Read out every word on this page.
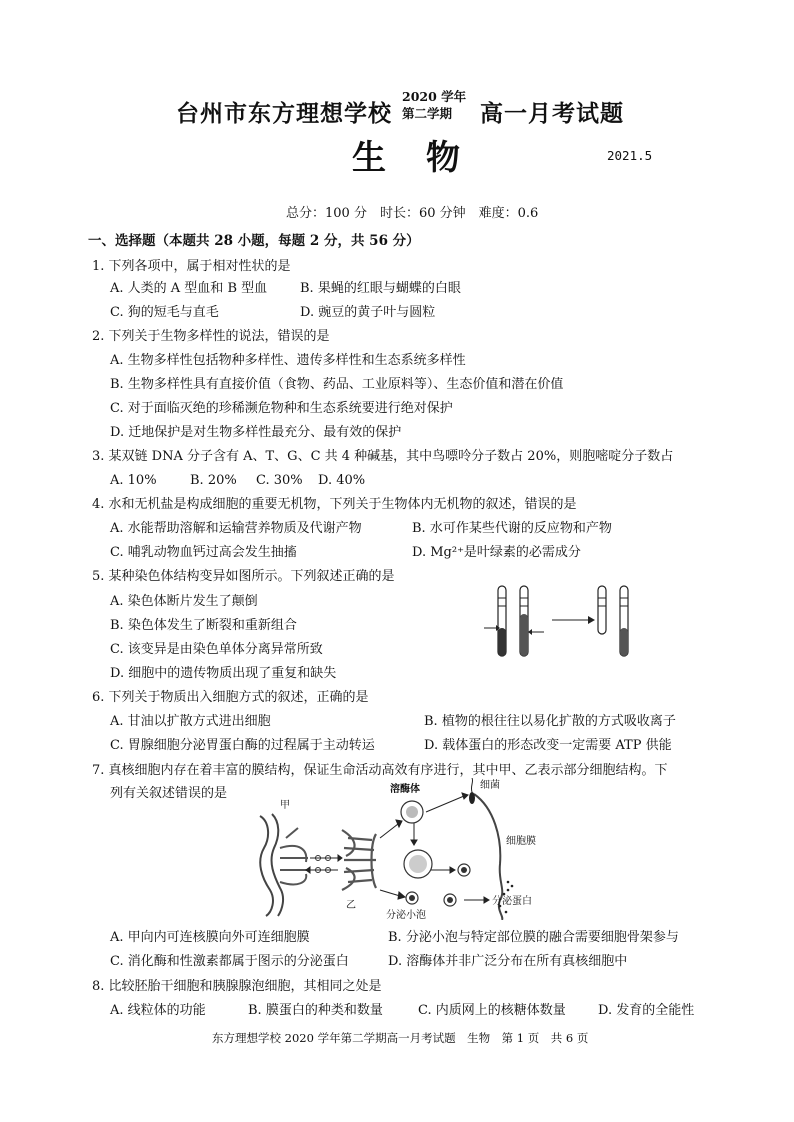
台州市东方理想学校
2020 学年
第二学期 高一月考试题
生物	2021.5
总分：100 分　时长：60 分钟　难度：0.6
一、选择题（本题共 28 小题，每题 2 分，共 56 分）
1. 下列各项中，属于相对性状的是
A. 人类的 A 型血和 B 型血	B. 果蝇的红眼与蝴蝶的白眼
C. 狗的短毛与直毛	D. 豌豆的黄子叶与圆粒
2. 下列关于生物多样性的说法，错误的是
A. 生物多样性包括物种多样性、遗传多样性和生态系统多样性
B. 生物多样性具有直接价值（食物、药品、工业原料等）、生态价值和潜在价值
C. 对于面临灭绝的珍稀濒危物种和生态系统要进行绝对保护
D. 迁地保护是对生物多样性最充分、最有效的保护
3. 某双链 DNA 分子含有 A、T、G、C 共 4 种碱基，其中鸟嘌呤分子数占 20%，则胞嘧啶分子数占
A. 10%	B. 20% C. 30% D. 40%
4. 水和无机盐是构成细胞的重要无机物，下列关于生物体内无机物的叙述，错误的是
A. 水能帮助溶解和运输营养物质及代谢产物	B. 水可作某些代谢的反应物和产物
C. 哺乳动物血钙过高会发生抽搐	D. Mg²⁺是叶绿素的必需成分
5. 某种染色体结构变异如图所示。下列叙述正确的是
A. 染色体断片发生了颠倒
B. 染色体发生了断裂和重新组合
C. 该变异是由染色单体分离异常所致
D. 细胞中的遗传物质出现了重复和缺失
6. 下列关于物质出入细胞方式的叙述，正确的是
A. 甘油以扩散方式进出细胞	B. 植物的根往往以易化扩散的方式吸收离子
C. 胃腺细胞分泌胃蛋白酶的过程属于主动转运	D. 载体蛋白的形态改变一定需要 ATP 供能
7. 真核细胞内存在着丰富的膜结构，保证生命活动高效有序进行，其中甲、乙表示部分细胞结构。下
列有关叙述错误的是
甲
乙
溶酶体	细菌
细胞膜
分泌小泡
分泌蛋白
A. 甲向内可连核膜向外可连细胞膜	B. 分泌小泡与特定部位膜的融合需要细胞骨架参与
C. 消化酶和性激素都属于图示的分泌蛋白	D. 溶酶体并非广泛分布在所有真核细胞中
8. 比较胚胎干细胞和胰腺腺泡细胞，其相同之处是
A. 线粒体的功能	B. 膜蛋白的种类和数量	C. 内质网上的核糖体数量 D. 发育的全能性
东方理想学校 2020 学年第二学期高一月考试题　生物　第 1 页　共 6 页
